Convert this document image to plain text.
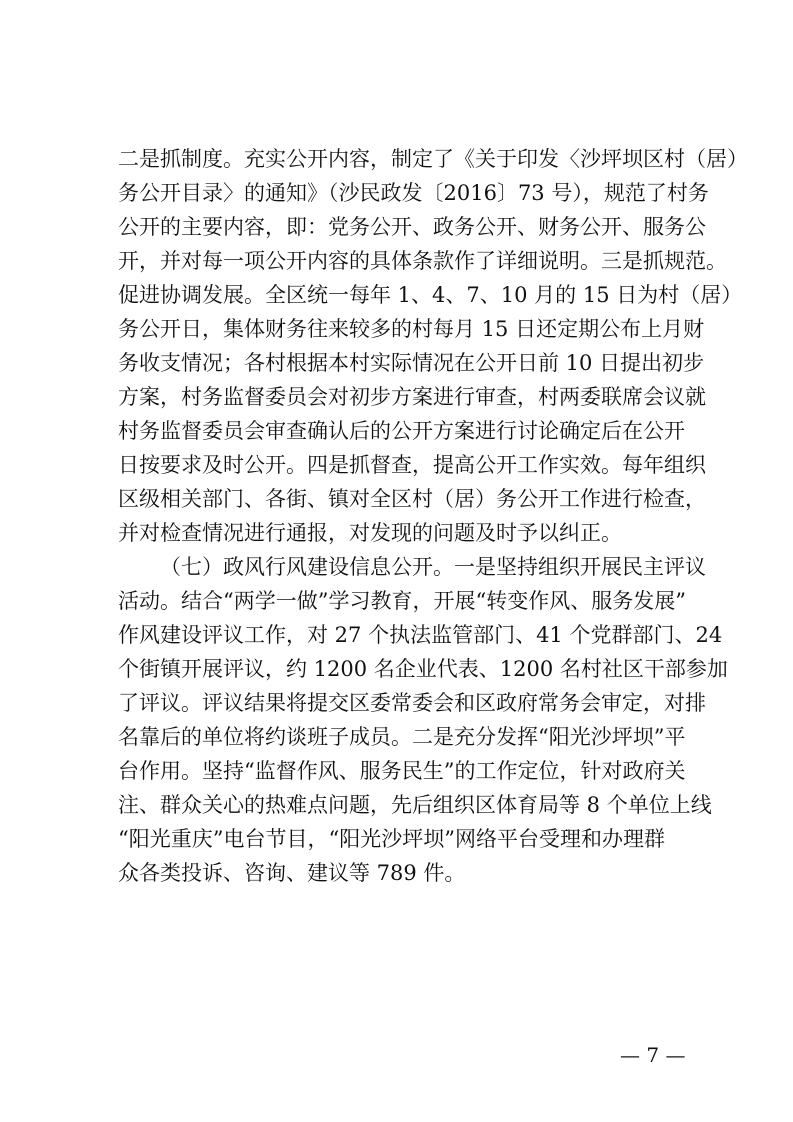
二是抓制度。充实公开内容，制定了《关于印发〈沙坪坝区村（居）
务公开目录〉的通知》（沙民政发〔2016〕73 号），规范了村务
公开的主要内容，即：党务公开、政务公开、财务公开、服务公
开，并对每一项公开内容的具体条款作了详细说明。三是抓规范。
促进协调发展。全区统一每年 1、4、7、10 月的 15 日为村（居）
务公开日，集体财务往来较多的村每月 15 日还定期公布上月财
务收支情况；各村根据本村实际情况在公开日前 10 日提出初步
方案，村务监督委员会对初步方案进行审查，村两委联席会议就
村务监督委员会审查确认后的公开方案进行讨论确定后在公开
日按要求及时公开。四是抓督查，提高公开工作实效。每年组织
区级相关部门、各街、镇对全区村（居）务公开工作进行检查，
并对检查情况进行通报，对发现的问题及时予以纠正。
（七）政风行风建设信息公开。一是坚持组织开展民主评议
活动。结合“两学一做”学习教育，开展“转变作风、服务发展”
作风建设评议工作，对 27 个执法监管部门、41 个党群部门、24
个街镇开展评议，约 1200 名企业代表、1200 名村社区干部参加
了评议。评议结果将提交区委常委会和区政府常务会审定，对排
名靠后的单位将约谈班子成员。二是充分发挥“阳光沙坪坝”平
台作用。坚持“监督作风、服务民生”的工作定位，针对政府关
注、群众关心的热难点问题，先后组织区体育局等 8 个单位上线
“阳光重庆”电台节目，“阳光沙坪坝”网络平台受理和办理群
众各类投诉、咨询、建议等 789 件。
— 7 —
